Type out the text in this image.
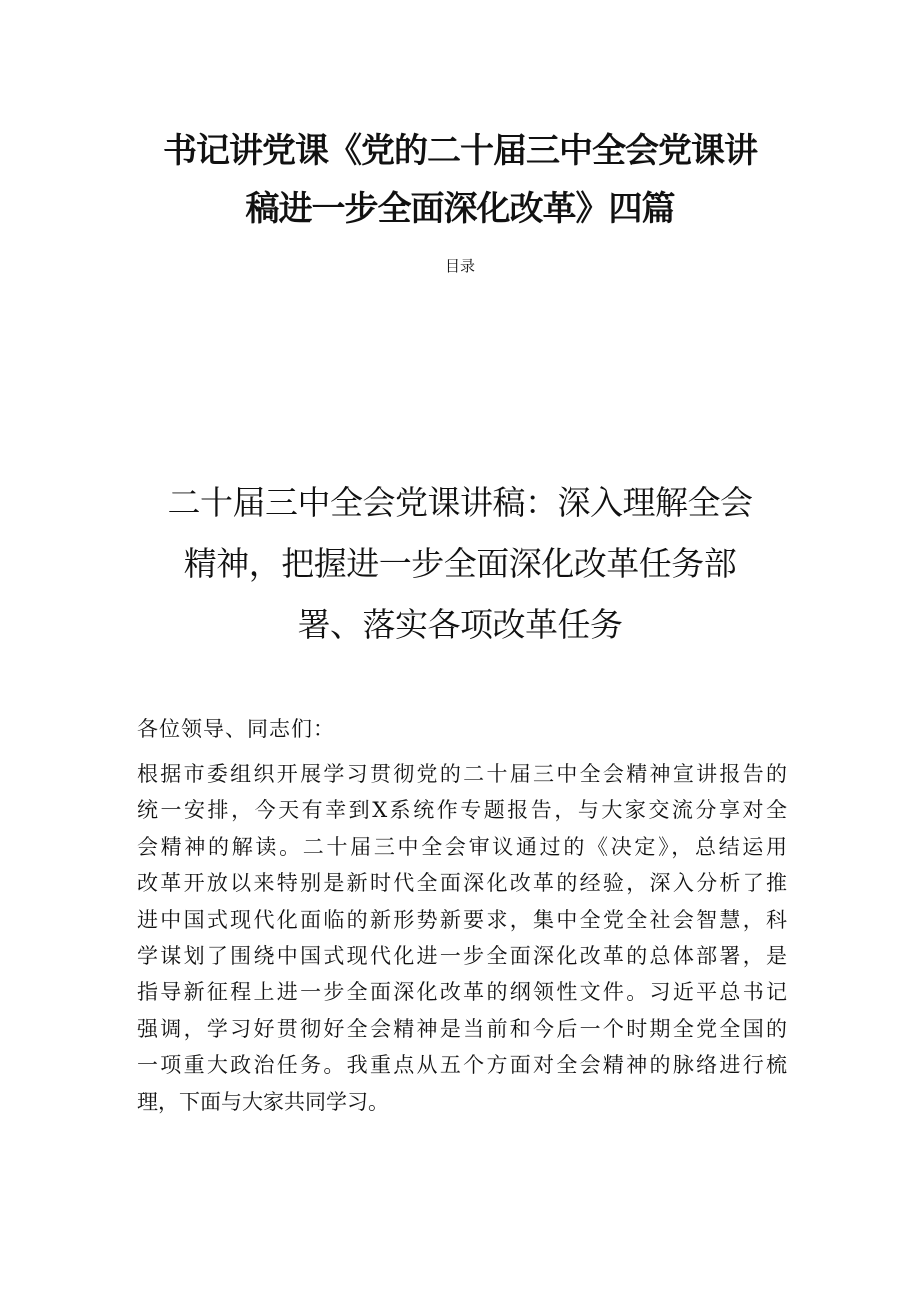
书记讲党课《党的二十届三中全会党课讲
稿进一步全面深化改革》四篇

目录

二十届三中全会党课讲稿：深入理解全会
精神，把握进一步全面深化改革任务部
署、落实各项改革任务

各位领导、同志们：

根据市委组织开展学习贯彻党的二十届三中全会精神宣讲报告的
统一安排，今天有幸到X系统作专题报告，与大家交流分享对全
会精神的解读。二十届三中全会审议通过的《决定》，总结运用
改革开放以来特别是新时代全面深化改革的经验，深入分析了推
进中国式现代化面临的新形势新要求，集中全党全社会智慧，科
学谋划了围绕中国式现代化进一步全面深化改革的总体部署，是
指导新征程上进一步全面深化改革的纲领性文件。习近平总书记
强调，学习好贯彻好全会精神是当前和今后一个时期全党全国的
一项重大政治任务。我重点从五个方面对全会精神的脉络进行梳
理，下面与大家共同学习。
